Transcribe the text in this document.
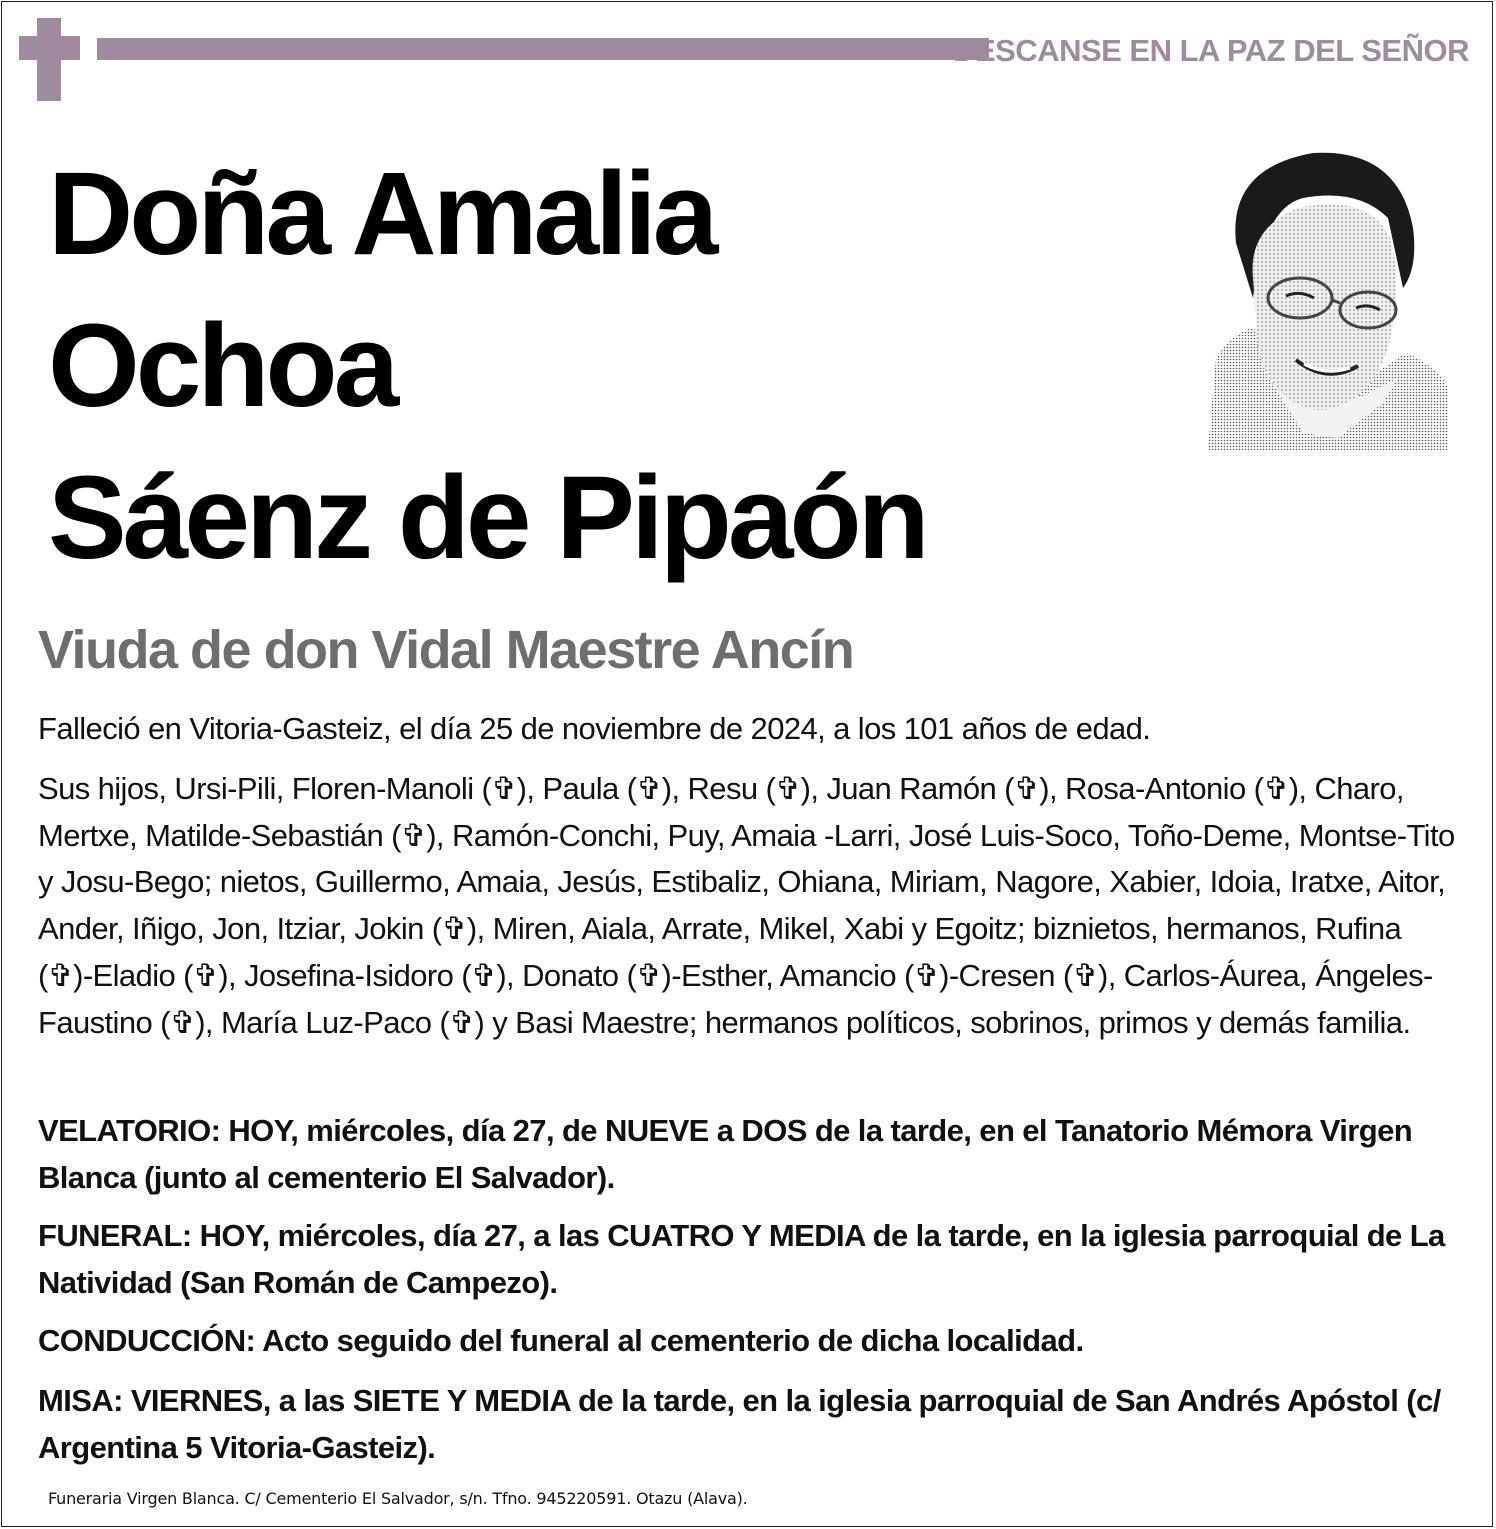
DESCANSE EN LA PAZ DEL SEÑOR
Doña Amalia
Ochoa
Sáenz de Pipaón
Viuda de don Vidal Maestre Ancín
Falleció en Vitoria-Gasteiz, el día 25 de noviembre de 2024, a los 101 años de edad.
Sus hijos, Ursi-Pili, Floren-Manoli (✞), Paula (✞), Resu (✞), Juan Ramón (✞), Rosa-Antonio (✞), Charo, Mertxe, Matilde-Sebastián (✞), Ramón-Conchi, Puy, Amaia -Larri, José Luis-Soco, Toño-Deme, Montse-Tito y Josu-Bego; nietos, Guillermo, Amaia, Jesús, Estibaliz, Ohiana, Miriam, Nagore, Xabier, Idoia, Iratxe, Aitor, Ander, Iñigo, Jon, Itziar, Jokin (✞), Miren, Aiala, Arrate, Mikel, Xabi y Egoitz; biznietos, hermanos, Rufina (✞)-Eladio (✞), Josefina-Isidoro (✞), Donato (✞)-Esther, Amancio (✞)-Cresen (✞), Carlos-Áurea, Ángeles-Faustino (✞), María Luz-Paco (✞) y Basi Maestre; hermanos políticos, sobrinos, primos y demás familia.
VELATORIO: HOY, miércoles, día 27, de NUEVE a DOS de la tarde, en el Tanatorio Mémora Virgen Blanca (junto al cementerio El Salvador).
FUNERAL: HOY, miércoles, día 27, a las CUATRO Y MEDIA de la tarde, en la iglesia parroquial de La Natividad (San Román de Campezo).
CONDUCCIÓN: Acto seguido del funeral al cementerio de dicha localidad.
MISA: VIERNES, a las SIETE Y MEDIA de la tarde, en la iglesia parroquial de San Andrés Apóstol (c/ Argentina 5 Vitoria-Gasteiz).
Funeraria Virgen Blanca. C/ Cementerio El Salvador, s/n. Tfno. 945220591. Otazu (Alava).
